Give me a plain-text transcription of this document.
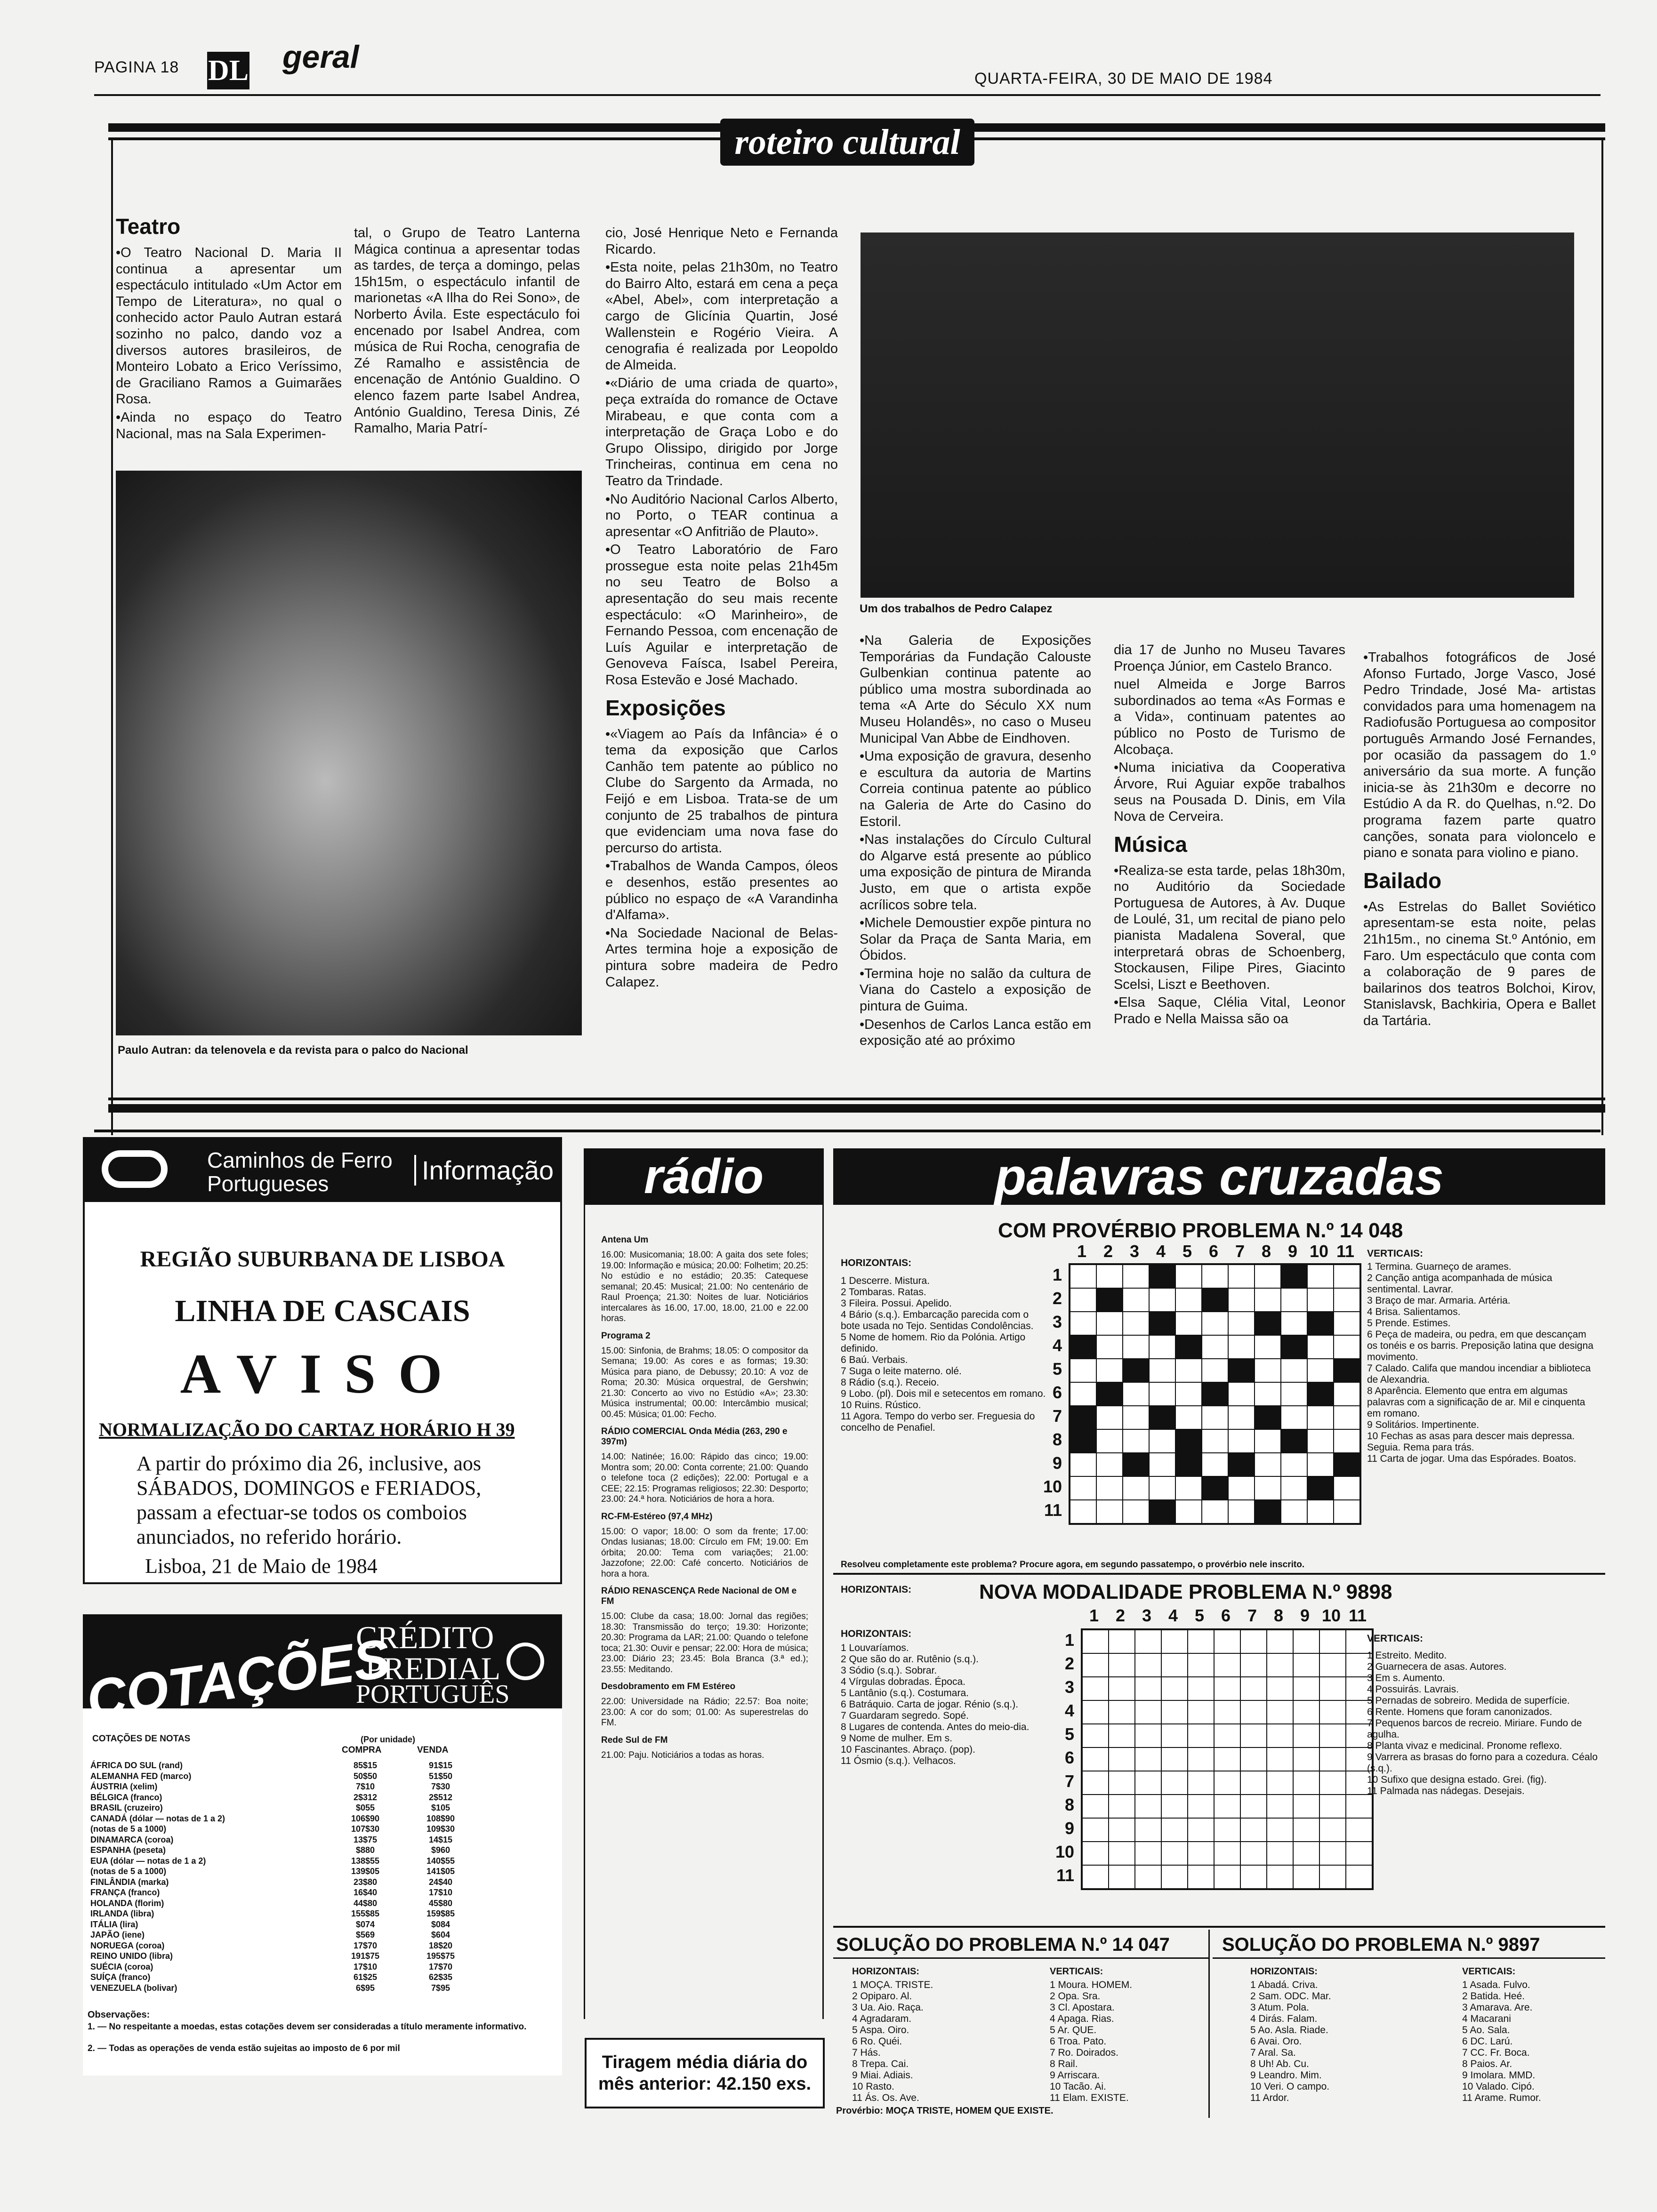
PAGINA 18 DL geral
QUARTA-FEIRA, 30 DE MAIO DE 1984
roteiro cultural
Teatro

•O Teatro Nacional D. Maria II continua a apresentar um espectáculo intitulado «Um Actor em Tempo de Literatura», no qual o conhecido actor Paulo Autran estará sozinho no palco, dando voz a diversos autores brasileiros, de Monteiro Lobato a Erico Veríssimo, de Graciliano Ramos a Guimarães Rosa.

•Ainda no espaço do Teatro Nacional, mas na Sala Experimen-

tal, o Grupo de Teatro Lanterna Mágica continua a apresentar todas as tardes, de terça a domingo, pelas 15h15m, o espectáculo infantil de marionetas «A Ilha do Rei Sono», de Norberto Ávila. Este espectáculo foi encenado por Isabel Andrea, com música de Rui Rocha, cenografia de Zé Ramalho e assistência de encenação de António Gualdino. O elenco fazem parte Isabel Andrea, António Gualdino, Teresa Dinis, Zé Ramalho, Maria Patrí-

cio, José Henrique Neto e Fernanda Ricardo.

•Esta noite, pelas 21h30m, no Teatro do Bairro Alto, estará em cena a peça «Abel, Abel», com interpretação a cargo de Glicínia Quartin, José Wallenstein e Rogério Vieira. A cenografia é realizada por Leopoldo de Almeida.

•«Diário de uma criada de quarto», peça extraída do romance de Octave Mirabeau, e que conta com a interpretação de Graça Lobo e do Grupo Olissipo, dirigido por Jorge Trincheiras, continua em cena no Teatro da Trindade.

•No Auditório Nacional Carlos Alberto, no Porto, o TEAR continua a apresentar «O Anfitrião de Plauto».

•O Teatro Laboratório de Faro prossegue esta noite pelas 21h45m no seu Teatro de Bolso a apresentação do seu mais recente espectáculo: «O Marinheiro», de Fernando Pessoa, com encenação de Luís Aguilar e interpretação de Genoveva Faísca, Isabel Pereira, Rosa Estevão e José Machado.

Exposições

•«Viagem ao País da Infância» é o tema da exposição que Carlos Canhão tem patente ao público no Clube do Sargento da Armada, no Feijó e em Lisboa. Trata-se de um conjunto de 25 trabalhos de pintura que evidenciam uma nova fase do percurso do artista.

•Trabalhos de Wanda Campos, óleos e desenhos, estão presentes ao público no espaço de «A Varandinha d'Alfama».

•Na Sociedade Nacional de Belas-Artes termina hoje a exposição de pintura sobre madeira de Pedro Calapez.

Paulo Autran: da telenovela e da revista para o palco do Nacional
Um dos trabalhos de Pedro Calapez

•Na Galeria de Exposições Temporárias da Fundação Calouste Gulbenkian continua patente ao público uma mostra subordinada ao tema «A Arte do Século XX num Museu Holandês», no caso o Museu Municipal Van Abbe de Eindhoven.

•Uma exposição de gravura, desenho e escultura da autoria de Martins Correia continua patente ao público na Galeria de Arte do Casino do Estoril.

•Nas instalações do Círculo Cultural do Algarve está presente ao público uma exposição de pintura de Miranda Justo, em que o artista expõe acrílicos sobre tela.

•Michele Demoustier expõe pintura no Solar da Praça de Santa Maria, em Óbidos.

•Termina hoje no salão da cultura de Viana do Castelo a exposição de pintura de Guima.

•Desenhos de Carlos Lanca estão em exposição até ao próximo

dia 17 de Junho no Museu Tavares Proença Júnior, em Castelo Branco.

nuel Almeida e Jorge Barros subordinados ao tema «As Formas e a Vida», continuam patentes ao público no Posto de Turismo de Alcobaça.

•Numa iniciativa da Cooperativa Árvore, Rui Aguiar expõe trabalhos seus na Pousada D. Dinis, em Vila Nova de Cerveira.

Música

•Realiza-se esta tarde, pelas 18h30m, no Auditório da Sociedade Portuguesa de Autores, à Av. Duque de Loulé, 31, um recital de piano pelo pianista Madalena Soveral, que interpretará obras de Schoenberg, Stockausen, Filipe Pires, Giacinto Scelsi, Liszt e Beethoven.

•Elsa Saque, Clélia Vital, Leonor Prado e Nella Maissa são oa

•Trabalhos fotográficos de José Afonso Furtado, Jorge Vasco, José Pedro Trindade, José Ma- artistas convidados para uma homenagem na Radiofusão Portuguesa ao compositor português Armando José Fernandes, por ocasião da passagem do 1.º aniversário da sua morte. A função inicia-se às 21h30m e decorre no Estúdio A da R. do Quelhas, n.º2. Do programa fazem parte quatro canções, sonata para violoncelo e piano e sonata para violino e piano.

Bailado

•As Estrelas do Ballet Soviético apresentam-se esta noite, pelas 21h15m., no cinema St.º António, em Faro. Um espectáculo que conta com a colaboração de 9 pares de bailarinos dos teatros Bolchoi, Kirov, Stanislavsk, Bachkiria, Opera e Ballet da Tartária.

Caminhos de Ferro
Portugueses	Informação
REGIÃO SUBURBANA DE LISBOA
LINHA DE CASCAIS
AVISO
NORMALIZAÇÃO DO CARTAZ HORÁRIO H 39
A partir do próximo dia 26, inclusive, aos SÁBADOS, DOMINGOS e FERIADOS, passam a efectuar-se todos os comboios anunciados, no referido horário.
Lisboa, 21 de Maio de 1984
COTAÇÕES
CRÉDITO
PREDIAL
PORTUGUÊS
COTAÇÕES DE NOTAS	(Por unidade)
COMPRA	VENDA
ÁFRICA DO SUL (rand)	85$15	91$15
ALEMANHA FED (marco)	50$50	51$50
ÁUSTRIA (xelim)	7$10	7$30
BÉLGICA (franco)	2$312	2$512
BRASIL (cruzeiro)	$055	$105
CANADÁ (dólar — notas de 1 a 2)	106$90	108$90
(notas de 5 a 1000)	107$30	109$30
DINAMARCA (coroa)	13$75	14$15
ESPANHA (peseta)	$880	$960
EUA (dólar — notas de 1 a 2)	138$55	140$55
(notas de 5 a 1000)	139$05	141$05
FINLÂNDIA (marka)	23$80	24$40
FRANÇA (franco)	16$40	17$10
HOLANDA (florim)	44$80	45$80
IRLANDA (libra)	155$85	159$85
ITÁLIA (lira)	$074	$084
JAPÃO (iene)	$569	$604
NORUEGA (coroa)	17$70	18$20
REINO UNIDO (libra)	191$75	195$75
SUÉCIA (coroa)	17$10	17$70
SUÍÇA (franco)	61$25	62$35
VENEZUELA (bolivar)	6$95	7$95
Observações:
1. — No respeitante a moedas, estas cotações devem ser consideradas a título meramente informativo.
2. — Todas as operações de venda estão sujeitas ao imposto de 6 por mil
rádio
Antena Um
16.00: Musicomania; 18.00: A gaita dos sete foles; 19.00: Informação e música; 20.00: Folhetim; 20.25: No estúdio e no estádio; 20.35: Catequese semanal; 20.45: Musical; 21.00: No centenário de Raul Proença; 21.30: Noites de luar. Noticiários intercalares às 16.00, 17.00, 18.00, 21.00 e 22.00 horas.
Programa 2
15.00: Sinfonia, de Brahms; 18.05: O compositor da Semana; 19.00: As cores e as formas; 19.30: Música para piano, de Debussy; 20.10: A voz de Roma; 20.30: Música orquestral, de Gershwin; 21.30: Concerto ao vivo no Estúdio «A»; 23.30: Música instrumental; 00.00: Intercâmbio musical; 00.45: Música; 01.00: Fecho.
RÁDIO COMERCIAL Onda Média (263, 290 e 397m)
14.00: Natinée; 16.00: Rápido das cinco; 19.00: Montra som; 20.00: Conta corrente; 21.00: Quando o telefone toca (2 edições); 22.00: Portugal e a CEE; 22.15: Programas religiosos; 22.30: Desporto; 23.00: 24.ª hora. Noticiários de hora a hora.
RC-FM-Estéreo (97,4 MHz)
15.00: O vapor; 18.00: O som da frente; 17.00: Ondas lusianas; 18.00: Círculo em FM; 19.00: Em órbita; 20.00: Tema com variações; 21.00: Jazzofone; 22.00: Café concerto. Noticiários de hora a hora.
RÁDIO RENASCENÇA Rede Nacional de OM e FM
15.00: Clube da casa; 18.00: Jornal das regiões; 18.30: Transmissão do terço; 19.30: Horizonte; 20.30: Programa da LAR; 21.00: Quando o telefone toca; 21.30: Ouvir e pensar; 22.00: Hora de música; 23.00: Diário 23; 23.45: Bola Branca (3.ª ed.); 23.55: Meditando.
Desdobramento em FM Estéreo
22.00: Universidade na Rádio; 22.57: Boa noite; 23.00: A cor do som; 01.00: As superestrelas do FM.
Rede Sul de FM
21.00: Paju. Noticiários a todas as horas.
Tiragem média diária do mês anterior: 42.150 exs.
palavras cruzadas
COM PROVÉRBIO PROBLEMA N.º 14 048
HORIZONTAIS:

1 Descerre. Mistura.

2 Tombaras. Ratas.

3 Fileira. Possui. Apelido.

4 Bário (s.q.). Embarcação parecida com o bote usada no Tejo. Sentidas Condolências.

5 Nome de homem. Rio da Polónia. Artigo definido.

6 Baú. Verbais.

7 Suga o leite materno. olé.

8 Rádio (s.q.). Receio.

9 Lobo. (pl). Dois mil e setecentos em romano.

10 Ruins. Rústico.

11 Agora. Tempo do verbo ser. Freguesia do concelho de Penafiel.

1 2 3 4 5 6 7 8 9 10 11
1
2
3
4
5
6
7
8
9
10
11
VERTICAIS:

1 Termina. Guarneço de arames.

2 Canção antiga acompanhada de música sentimental. Lavrar.

3 Braço de mar. Armaria. Artéria.

4 Brisa. Salientamos.

5 Prende. Estimes.

6 Peça de madeira, ou pedra, em que descançam os tonéis e os barris. Preposição latina que designa movimento.

7 Calado. Califa que mandou incendiar a biblioteca de Alexandria.

8 Aparência. Elemento que entra em algumas palavras com a significação de ar. Mil e cinquenta em romano.

9 Solitários. Impertinente.

10 Fechas as asas para descer mais depressa. Seguia. Rema para trás.

11 Carta de jogar. Uma das Espórades. Boatos.

Resolveu completamente este problema? Procure agora, em segundo passatempo, o provérbio nele inscrito.
HORIZONTAIS:	NOVA MODALIDADE PROBLEMA N.º 9898
1 2 3 4 5 6 7 8 9 10 11
HORIZONTAIS:

1 Louvaríamos.

2 Que são do ar. Rutênio (s.q.).

3 Sódio (s.q.). Sobrar.

4 Vírgulas dobradas. Época.

5 Lantânio (s.q.). Costumara.

6 Batráquio. Carta de jogar. Rénio (s.q.).

7 Guardaram segredo. Sopé.

8 Lugares de contenda. Antes do meio-dia.

9 Nome de mulher. Em s.

10 Fascinantes. Abraço. (pop).

11 Ósmio (s.q.). Velhacos.

1
2
3
4
5
6
7
8
9
10
11
VERTICAIS:

1 Estreito. Medito.

2 Guarnecera de asas. Autores.

3 Em s. Aumento.

4 Possuirás. Lavrais.

5 Pernadas de sobreiro. Medida de superfície.

6 Rente. Homens que foram canonizados.

7 Pequenos barcos de recreio. Miriare. Fundo de agulha.

8 Planta vivaz e medicinal. Pronome reflexo.

9 Varrera as brasas do forno para a cozedura. Céalo (s.q.).

10 Sufixo que designa estado. Grei. (fig).

11 Palmada nas nádegas. Desejais.

SOLUÇÃO DO PROBLEMA N.º 14 047
HORIZONTAIS:

1 MOÇA. TRISTE.

2 Opiparo. Al.

3 Ua. Aio. Raça.

4 Agradaram.

5 Aspa. Oiro.

6 Ro. Quéi.

7 Hás.

8 Trepa. Cai.

9 Miai. Adiais.

10 Rasto.

11 Ás. Os. Ave.

VERTICAIS:

1 Moura. HOMEM.

2 Opa. Sra.

3 Cl. Apostara.

4 Apaga. Rias.

5 Ar. QUE.

6 Troa. Pato.

7 Ro. Doirados.

8 Rail.

9 Arriscara.

10 Tacão. Ai.

11 Elam. EXISTE.

Provérbio: MOÇA TRISTE, HOMEM QUE EXISTE.
SOLUÇÃO DO PROBLEMA N.º 9897
HORIZONTAIS:

1 Abadá. Criva.

2 Sam. ODC. Mar.

3 Atum. Pola.

4 Dirás. Falam.

5 Ao. Asla. Riade.

6 Avai. Oro.

7 Aral. Sa.

8 Uh! Ab. Cu.

9 Leandro. Mim.

10 Veri. O campo.

11 Ardor.

VERTICAIS:

1 Asada. Fulvo.

2 Batida. Heé.

3 Amarava. Are.

4 Macarani

5 Ao. Sala.

6 DC. Larú.

7 CC. Fr. Boca.

8 Paios. Ar.

9 Imolara. MMD.

10 Valado. Cipó.

11 Arame. Rumor.
